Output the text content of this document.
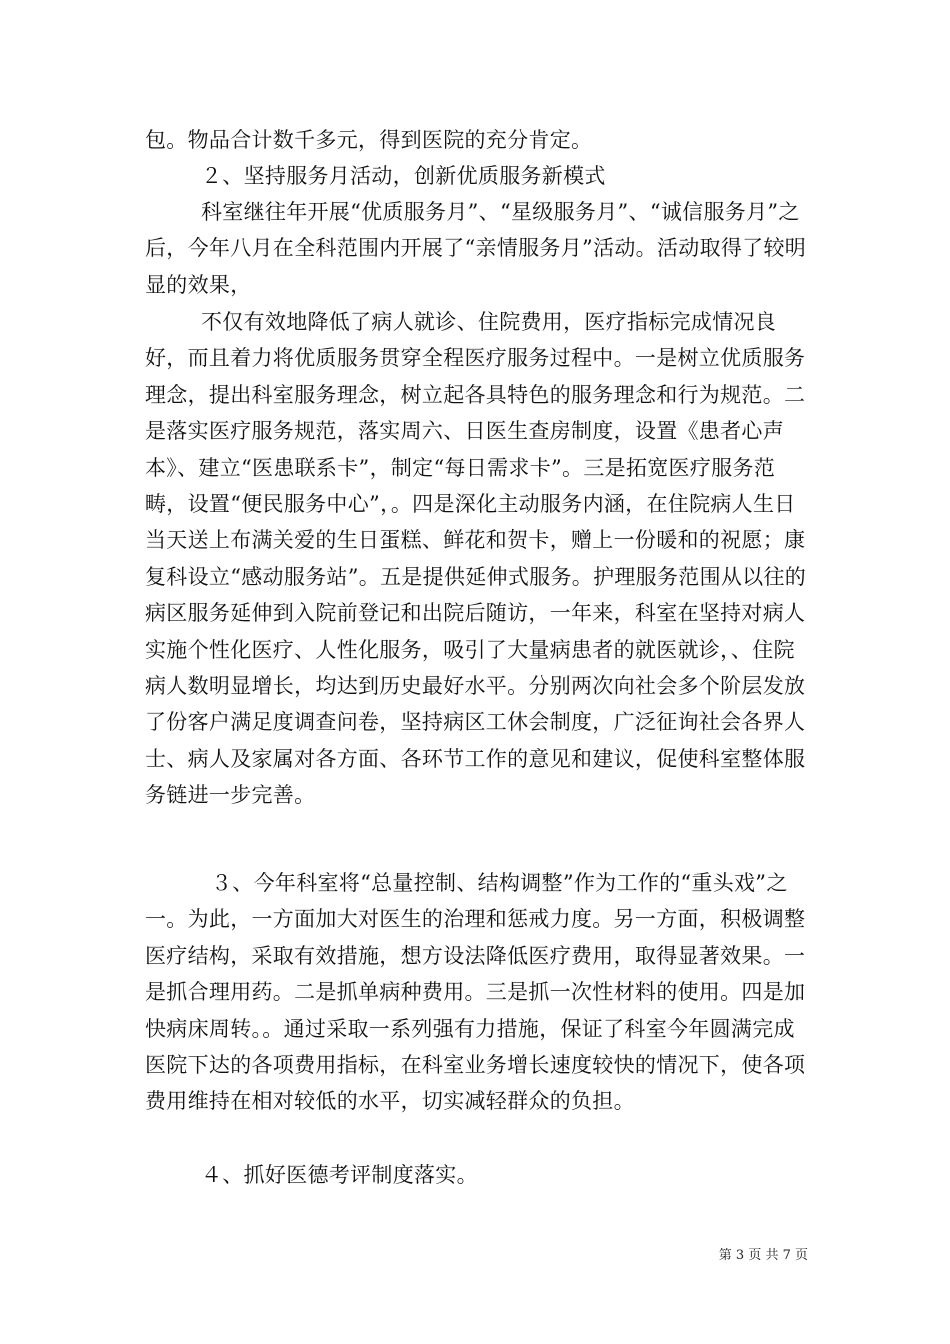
包。物品合计数千多元，得到医院的充分肯定。

２、坚持服务月活动，创新优质服务新模式

科室继往年开展“优质服务月”、“星级服务月”、“诚信服务月”之后，今年八月在全科范围内开展了“亲情服务月”活动。活动取得了较明显的效果，

不仅有效地降低了病人就诊、住院费用，医疗指标完成情况良好，而且着力将优质服务贯穿全程医疗服务过程中。一是树立优质服务理念，提出科室服务理念，树立起各具特色的服务理念和行为规范。二是落实医疗服务规范，落实周六、日医生查房制度，设置《患者心声本》、建立“医患联系卡”，制定“每日需求卡”。三是拓宽医疗服务范畴，设置“便民服务中心”，。四是深化主动服务内涵，在住院病人生日当天送上布满关爱的生日蛋糕、鲜花和贺卡，赠上一份暖和的祝愿；康复科设立“感动服务站”。五是提供延伸式服务。护理服务范围从以往的病区服务延伸到入院前登记和出院后随访，一年来，科室在坚持对病人实施个性化医疗、人性化服务，吸引了大量病患者的就医就诊，、住院病人数明显增长，均达到历史最好水平。分别两次向社会多个阶层发放了份客户满足度调查问卷，坚持病区工休会制度，广泛征询社会各界人士、病人及家属对各方面、各环节工作的意见和建议，促使科室整体服务链进一步完善。

３、今年科室将“总量控制、结构调整”作为工作的“重头戏”之一。为此，一方面加大对医生的治理和惩戒力度。另一方面，积极调整医疗结构，采取有效措施，想方设法降低医疗费用，取得显著效果。一是抓合理用药。二是抓单病种费用。三是抓一次性材料的使用。四是加快病床周转。。通过采取一系列强有力措施，保证了科室今年圆满完成医院下达的各项费用指标，在科室业务增长速度较快的情况下，使各项费用维持在相对较低的水平，切实减轻群众的负担。

４、抓好医德考评制度落实。

第 3 页 共 7 页
